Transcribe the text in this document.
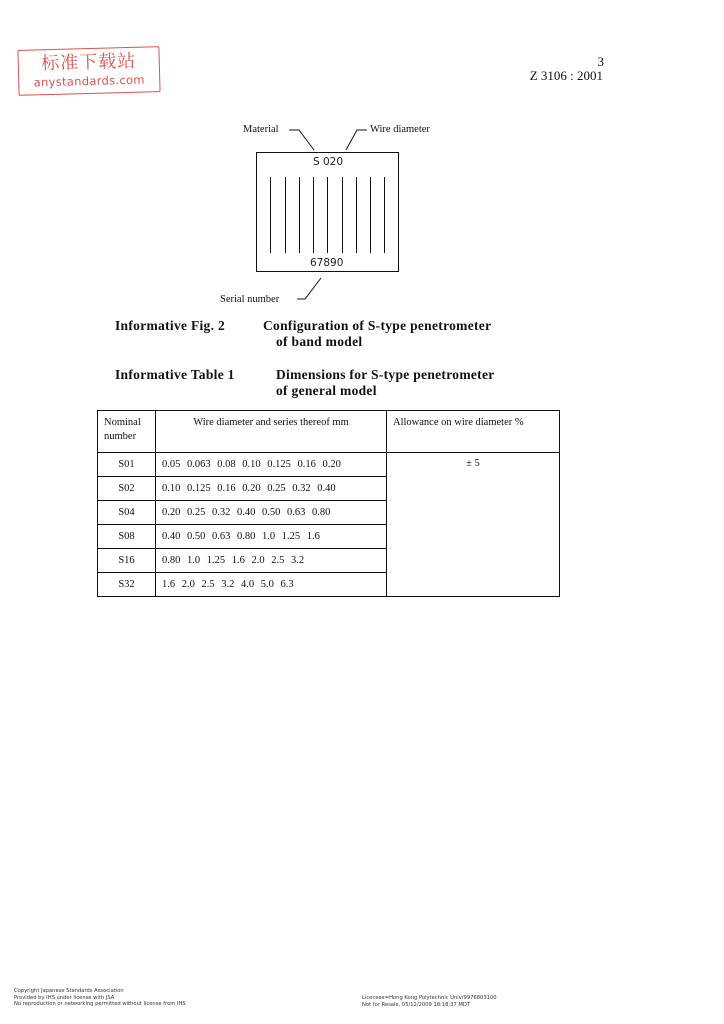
标准下载站
anystandards.com
3
Z 3106 : 2001
Material	Wire diameter
S 020
67890
Serial number
Informative Fig. 2	Configuration of S-type penetrometer
of band model
Informative Table 1	Dimensions for S-type penetrometer
of general model
Nominal number	Wire diameter and series thereof mm	Allowance on wire diameter %
S01	0.05 0.063 0.08 0.10 0.125 0.16 0.20	± 5
S02	0.10 0.125 0.16 0.20 0.25 0.32 0.40	
S04	0.20 0.25 0.32 0.40 0.50 0.63 0.80	
S08	0.40 0.50 0.63 0.80 1.0 1.25 1.6	
S16	0.80 1.0 1.25 1.6 2.0 2.5 3.2	
S32	1.6 2.0 2.5 3.2 4.0 5.0 6.3	
Copyright Japanese Standards Association
Provided by IHS under license with JSA
No reproduction or networking permitted without license from IHS
Licensee=Hong Kong Polytechnic Univ/9976803100
Not for Resale, 05/12/2009 18:18:37 MDT
